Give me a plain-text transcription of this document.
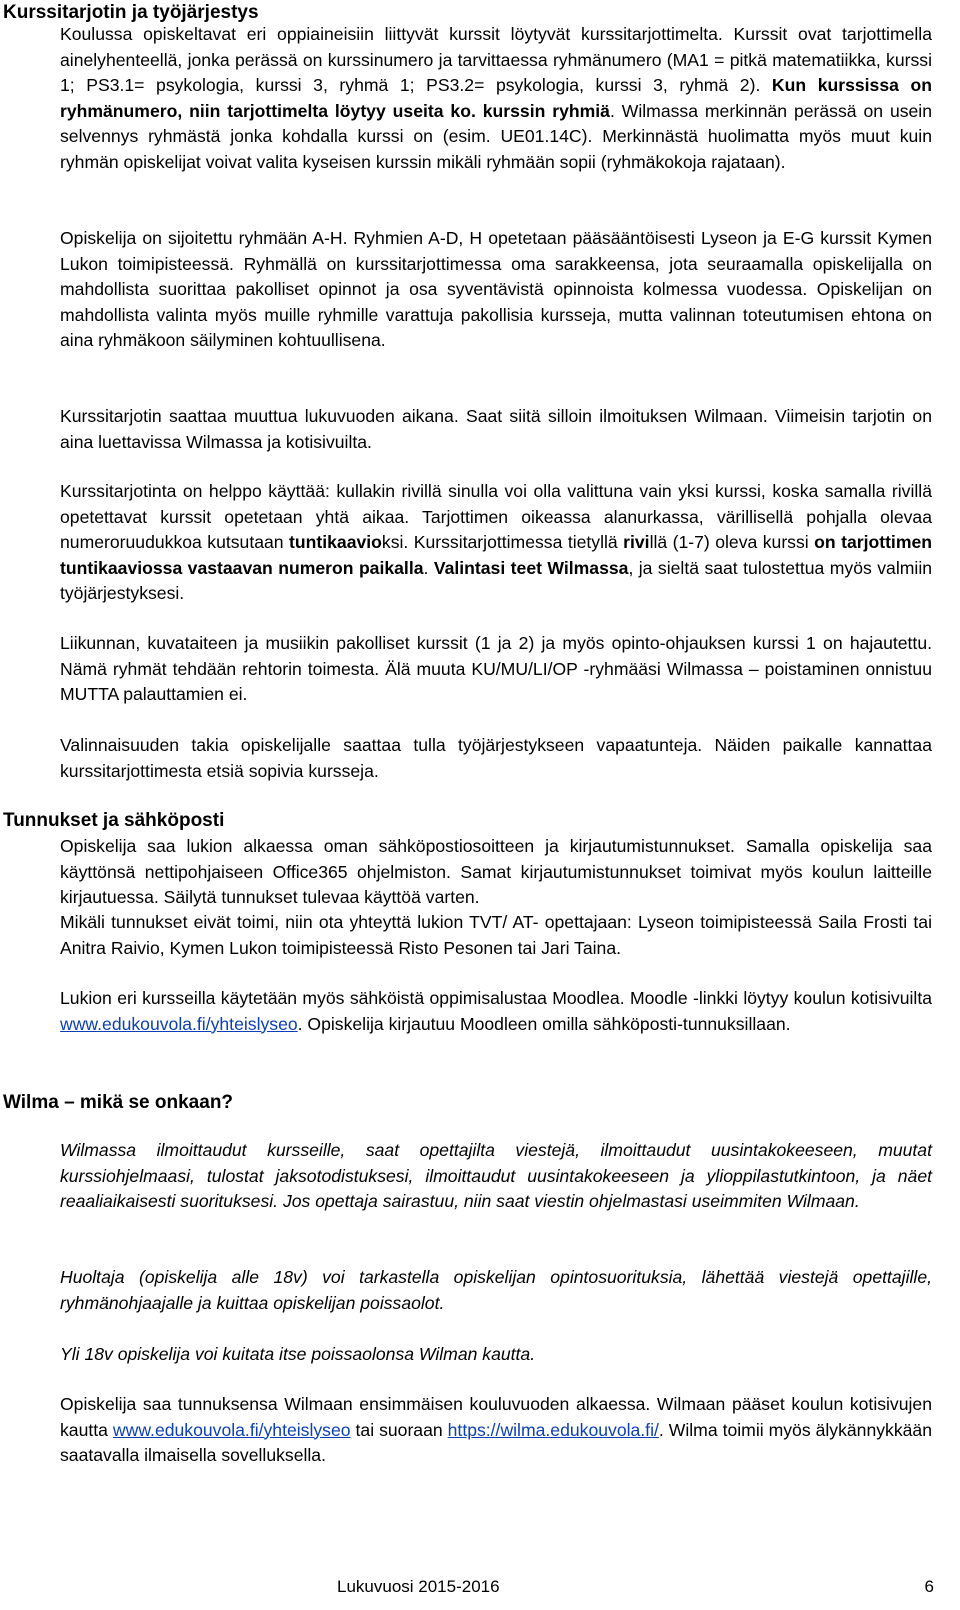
Kurssitarjotin ja työjärjestys

Koulussa opiskeltavat eri oppiaineisiin liittyvät kurssit löytyvät kurssitarjottimelta. Kurssit ovat tarjottimella ainelyhenteellä, jonka perässä on kurssinumero ja tarvittaessa ryhmänumero (MA1 = pitkä matematiikka, kurssi 1; PS3.1= psykologia, kurssi 3, ryhmä 1; PS3.2= psykologia, kurssi 3, ryhmä 2). Kun kurssissa on ryhmänumero, niin tarjottimelta löytyy useita ko. kurssin ryhmiä. Wilmassa merkinnän perässä on usein selvennys ryhmästä jonka kohdalla kurssi on (esim. UE01.14C). Merkinnästä huolimatta myös muut kuin ryhmän opiskelijat voivat valita kyseisen kurssin mikäli ryhmään sopii (ryhmäkokoja rajataan).

Opiskelija on sijoitettu ryhmään A-H. Ryhmien A-D, H opetetaan pääsääntöisesti Lyseon ja E-G kurssit Kymen Lukon toimipisteessä. Ryhmällä on kurssitarjottimessa oma sarakkeensa, jota seuraamalla opiskelijalla on mahdollista suorittaa pakolliset opinnot ja osa syventävistä opinnoista kolmessa vuodessa. Opiskelijan on mahdollista valinta myös muille ryhmille varattuja pakollisia kursseja, mutta valinnan toteutumisen ehtona on aina ryhmäkoon säilyminen kohtuullisena.

Kurssitarjotin saattaa muuttua lukuvuoden aikana. Saat siitä silloin ilmoituksen Wilmaan. Viimeisin tarjotin on aina luettavissa Wilmassa ja kotisivuilta.

Kurssitarjotinta on helppo käyttää: kullakin rivillä sinulla voi olla valittuna vain yksi kurssi, koska samalla rivillä opetettavat kurssit opetetaan yhtä aikaa. Tarjottimen oikeassa alanurkassa, värillisellä pohjalla olevaa numeroruudukkoa kutsutaan tuntikaavioksi. Kurssitarjottimessa tietyllä rivillä (1-7) oleva kurssi on tarjottimen tuntikaaviossa vastaavan numeron paikalla. Valintasi teet Wilmassa, ja sieltä saat tulostettua myös valmiin työjärjestyksesi.

Liikunnan, kuvataiteen ja musiikin pakolliset kurssit (1 ja 2) ja myös opinto-ohjauksen kurssi 1 on hajautettu. Nämä ryhmät tehdään rehtorin toimesta. Älä muuta KU/MU/LI/OP -ryhmääsi Wilmassa – poistaminen onnistuu MUTTA palauttamien ei.

Valinnaisuuden takia opiskelijalle saattaa tulla työjärjestykseen vapaatunteja. Näiden paikalle kannattaa kurssitarjottimesta etsiä sopivia kursseja.

Tunnukset ja sähköposti

Opiskelija saa lukion alkaessa oman sähköpostiosoitteen ja kirjautumistunnukset. Samalla opiskelija saa käyttönsä nettipohjaiseen Office365 ohjelmiston. Samat kirjautumistunnukset toimivat myös koulun laitteille kirjautuessa. Säilytä tunnukset tulevaa käyttöä varten.

Mikäli tunnukset eivät toimi, niin ota yhteyttä lukion TVT/ AT- opettajaan: Lyseon toimipisteessä Saila Frosti tai Anitra Raivio, Kymen Lukon toimipisteessä Risto Pesonen tai Jari Taina.

Lukion eri kursseilla käytetään myös sähköistä oppimisalustaa Moodlea. Moodle -linkki löytyy koulun kotisivuilta www.edukouvola.fi/yhteislyseo. Opiskelija kirjautuu Moodleen omilla sähköposti-tunnuksillaan.

Wilma – mikä se onkaan?

Wilmassa ilmoittaudut kursseille, saat opettajilta viestejä, ilmoittaudut uusintakokeeseen, muutat kurssiohjelmaasi, tulostat jaksotodistuksesi, ilmoittaudut uusintakokeeseen ja ylioppilastutkintoon, ja näet reaaliaikaisesti suorituksesi. Jos opettaja sairastuu, niin saat viestin ohjelmastasi useimmiten Wilmaan.

Huoltaja (opiskelija alle 18v) voi tarkastella opiskelijan opintosuorituksia, lähettää viestejä opettajille, ryhmänohjaajalle ja kuittaa opiskelijan poissaolot.

Yli 18v opiskelija voi kuitata itse poissaolonsa Wilman kautta.

Opiskelija saa tunnuksensa Wilmaan ensimmäisen kouluvuoden alkaessa. Wilmaan pääset koulun kotisivujen kautta www.edukouvola.fi/yhteislyseo tai suoraan https://wilma.edukouvola.fi/. Wilma toimii myös älykännykkään saatavalla ilmaisella sovelluksella.

Lukuvuosi 2015-2016	6
